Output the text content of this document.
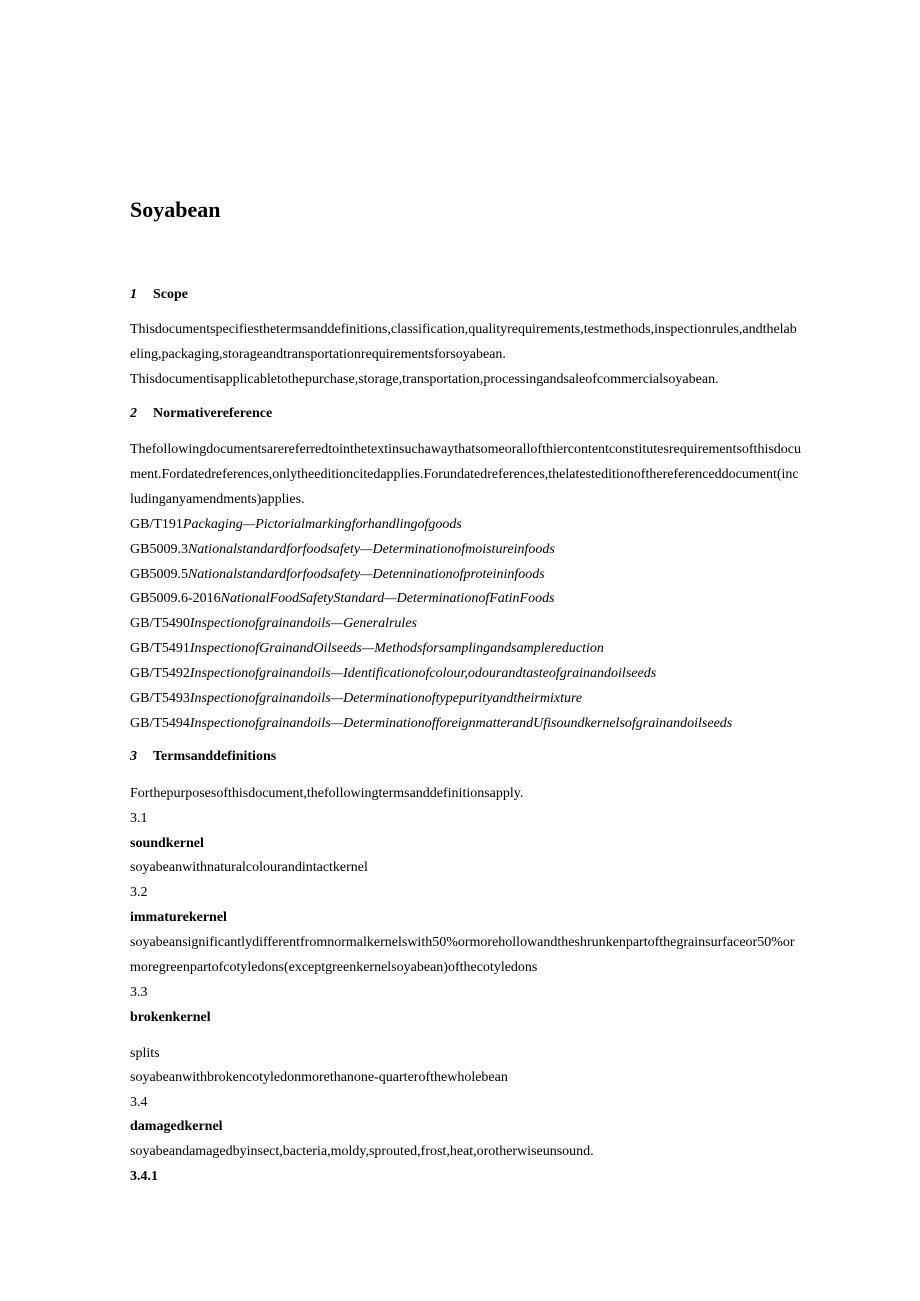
Soyabean
1 Scope
Thisdocumentspecifiesthetermsanddefinitions,classification,qualityrequirements,testmethods,inspectionrules,andthelab
eling,packaging,storageandtransportationrequirementsforsoyabean.
Thisdocumentisapplicabletothepurchase,storage,transportation,processingandsaleofcommercialsoyabean.
2 Normativereference
Thefollowingdocumentsarereferredtointhetextinsuchawaythatsomeorallofthiercontentconstitutesrequirementsofthisdocu
ment.Fordatedreferences,onlytheeditioncitedapplies.Forundatedreferences,thelatesteditionofthereferenceddocument(inc
ludinganyamendments)applies.
GB/T191Packaging—Pictorialmarkingforhandlingofgoods
GB5009.3Nationalstandardforfoodsafety—Determinationofmoistureinfoods
GB5009.5Nationalstandardforfoodsafety—Detenninationofproteininfoods
GB5009.6-2016NationalFoodSafetyStandard—DeterminationofFatinFoods
GB/T5490Inspectionofgrainandoils—Generalrules
GB/T5491InspectionofGrainandOilseeds—Methodsforsamplingandsamplereduction
GB/T5492Inspectionofgrainandoils—Identificationofcolour,odourandtasteofgrainandoilseeds
GB/T5493Inspectionofgrainandoils—Determinationoftypepurityandtheirmixture
GB/T5494Inspectionofgrainandoils—DeterminationofforeignmatterandUfisoundkernelsofgrainandoilseeds
3 Termsanddefinitions
Forthepurposesofthisdocument,thefollowingtermsanddefinitionsapply.
3.1
soundkernel
soyabeanwithnaturalcolourandintactkernel
3.2
immaturekernel
soyabeansignificantlydifferentfromnormalkernelswith50%ormorehollowandtheshrunkenpartofthegrainsurfaceor50%or
moregreenpartofcotyledons(exceptgreenkernelsoyabean)ofthecotyledons
3.3
brokenkernel
splits
soyabeanwithbrokencotyledonmorethanone-quarterofthewholebean
3.4
damagedkernel
soyabeandamagedbyinsect,bacteria,moldy,sprouted,frost,heat,orotherwiseunsound.
3.4.1
